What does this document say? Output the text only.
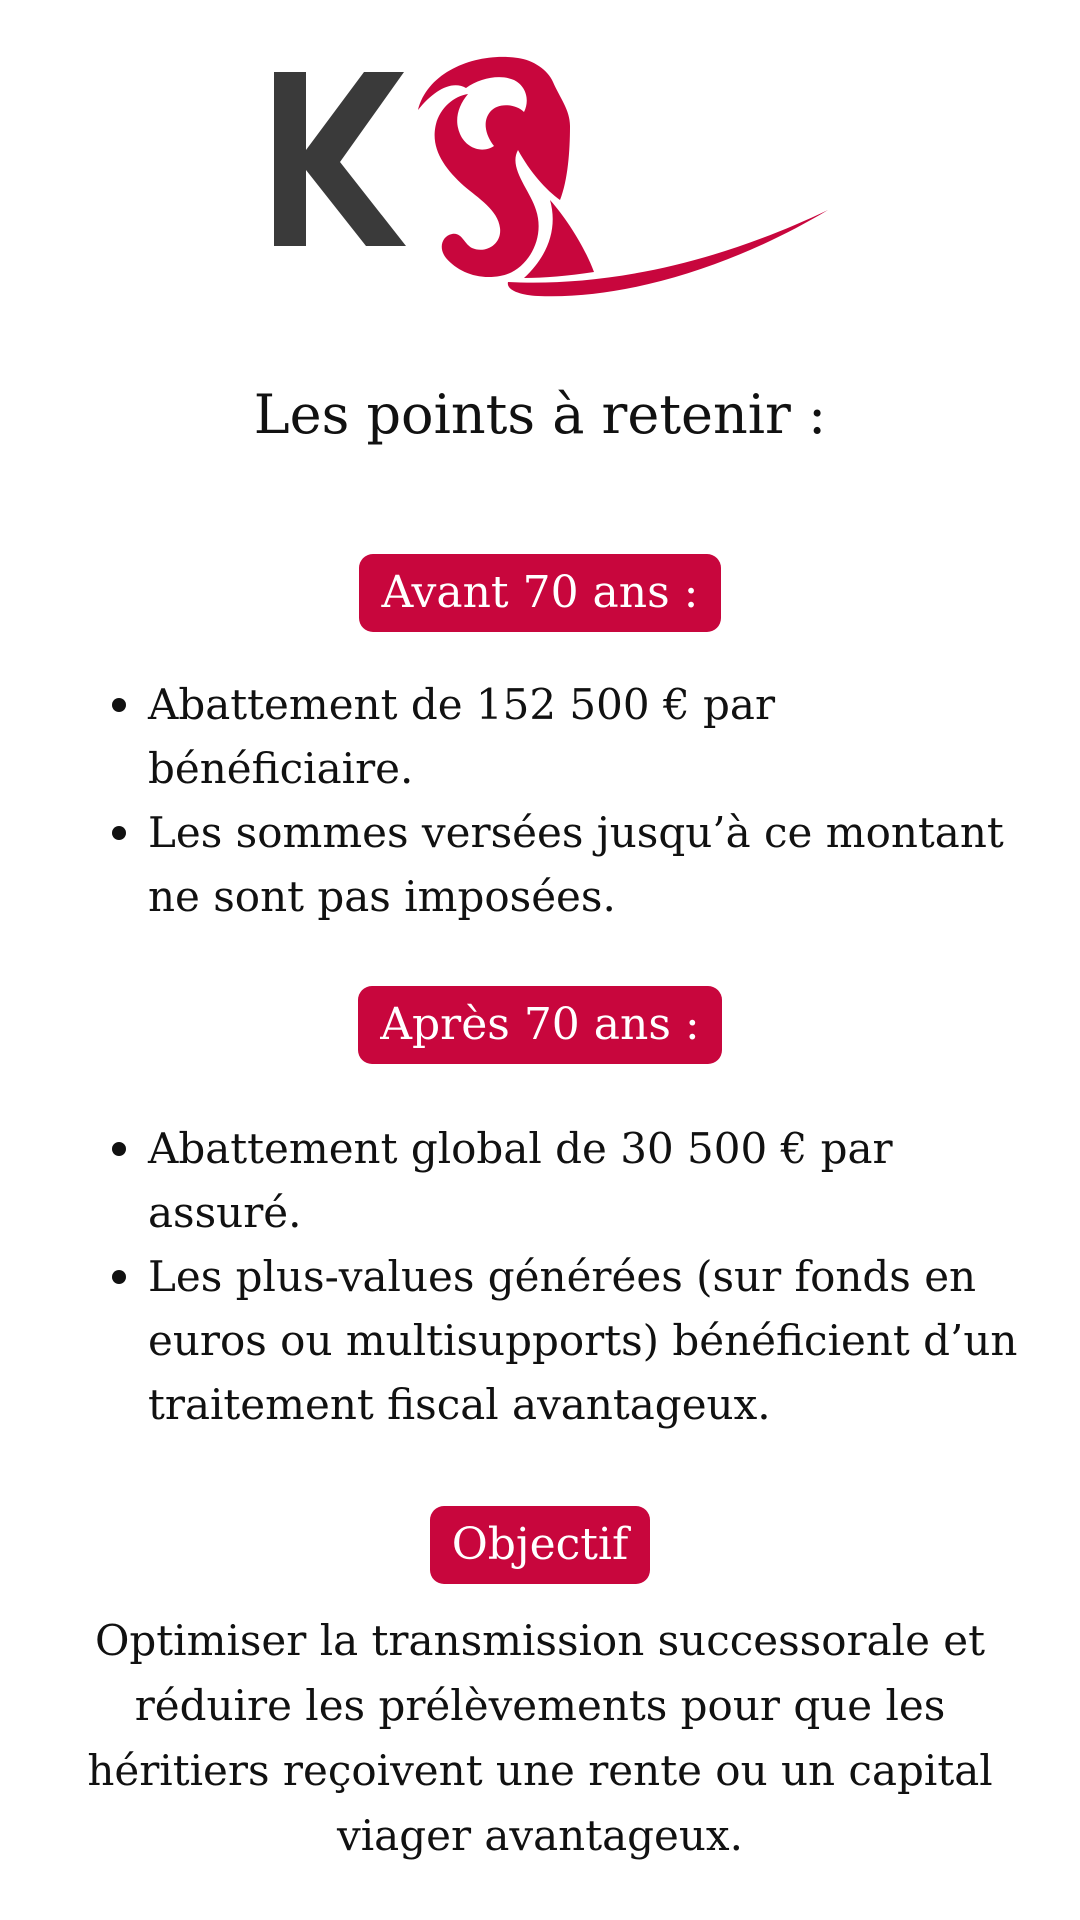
Les points à retenir :
Avant 70 ans :
Abattement de 152 500 € par bénéficiaire.
Les sommes versées jusqu’à ce montant ne sont pas imposées.
Après 70 ans :
Abattement global de 30 500 € par assuré.
Les plus-values générées (sur fonds en euros ou multisupports) bénéficient d’un traitement fiscal avantageux.
Objectif

Optimiser la transmission successorale et réduire les prélèvements pour que les héritiers reçoivent une rente ou un capital viager avantageux.
